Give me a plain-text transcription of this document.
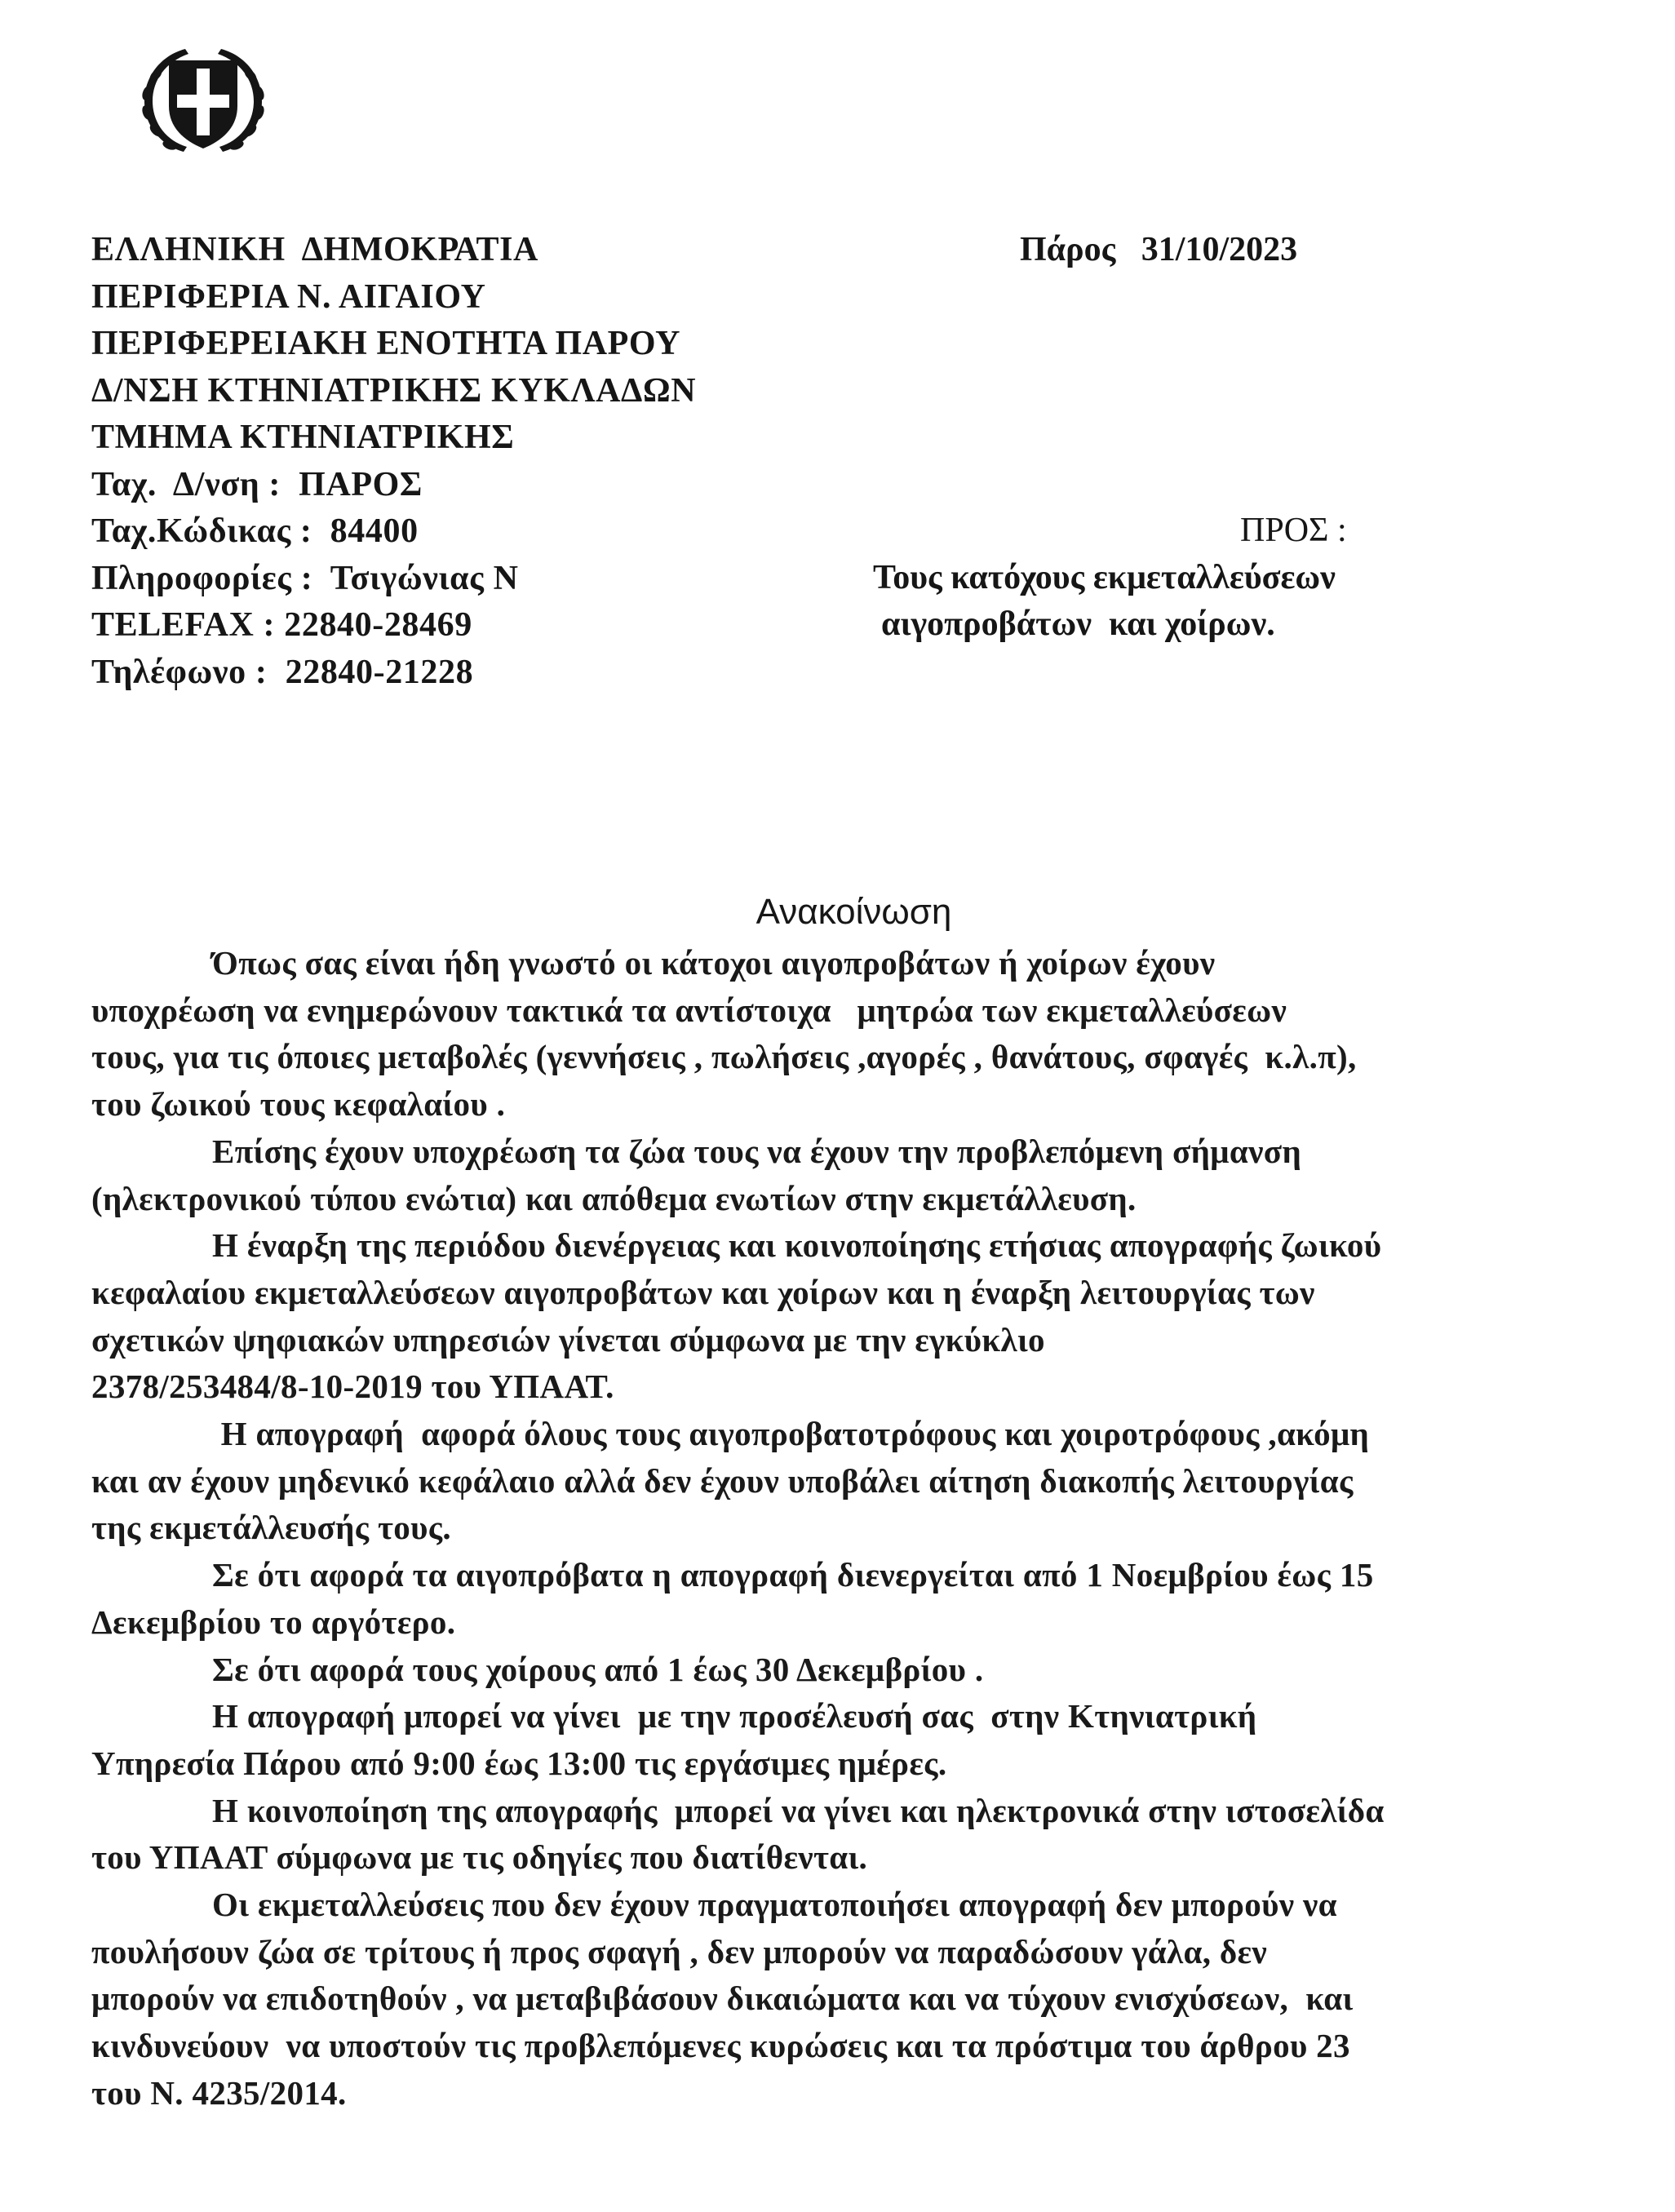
ΕΛΛΗΝΙΚΗ  ΔΗΜΟΚΡΑΤΙΑ
ΠΕΡΙΦΕΡΙΑ Ν. ΑΙΓΑΙΟΥ
ΠΕΡΙΦΕΡΕΙΑΚΗ ΕΝΟΤΗΤΑ ΠΑΡΟΥ
Δ/ΝΣΗ ΚΤΗΝΙΑΤΡΙΚΗΣ ΚΥΚΛΑΔΩΝ
ΤΜΗΜΑ ΚΤΗΝΙΑΤΡΙΚΗΣ
Ταχ.  Δ/νση :  ΠΑΡΟΣ
Ταχ.Κώδικας :  84400
Πληροφορίες :  Τσιγώνιας Ν
TELEFAX : 22840-28469
Τηλέφωνο :  22840-21228
Πάρος   31/10/2023
ΠΡΟΣ :
Τους κατόχους εκμεταλλεύσεων
αιγοπροβάτων  και χοίρων.
Ανακοίνωση
Όπως σας είναι ήδη γνωστό οι κάτοχοι αιγοπροβάτων ή χοίρων έχουν
υποχρέωση να ενημερώνουν τακτικά τα αντίστοιχα   μητρώα των εκμεταλλεύσεων
τους, για τις όποιες μεταβολές (γεννήσεις , πωλήσεις ,αγορές , θανάτους, σφαγές  κ.λ.π),
του ζωικού τους κεφαλαίου .
Επίσης έχουν υποχρέωση τα ζώα τους να έχουν την προβλεπόμενη σήμανση
(ηλεκτρονικού τύπου ενώτια) και απόθεμα ενωτίων στην εκμετάλλευση.
Η έναρξη της περιόδου διενέργειας και κοινοποίησης ετήσιας απογραφής ζωικού
κεφαλαίου εκμεταλλεύσεων αιγοπροβάτων και χοίρων και η έναρξη λειτουργίας των
σχετικών ψηφιακών υπηρεσιών γίνεται σύμφωνα με την εγκύκλιο
2378/253484/8-10-2019 του ΥΠΑΑΤ.
Η απογραφή  αφορά όλους τους αιγοπροβατοτρόφους και χοιροτρόφους ,ακόμη
και αν έχουν μηδενικό κεφάλαιο αλλά δεν έχουν υποβάλει αίτηση διακοπής λειτουργίας
της εκμετάλλευσής τους.
Σε ότι αφορά τα αιγοπρόβατα η απογραφή διενεργείται από 1 Νοεμβρίου έως 15
Δεκεμβρίου το αργότερο.
Σε ότι αφορά τους χοίρους από 1 έως 30 Δεκεμβρίου .
Η απογραφή μπορεί να γίνει  με την προσέλευσή σας  στην Κτηνιατρική
Υπηρεσία Πάρου από 9:00 έως 13:00 τις εργάσιμες ημέρες.
Η κοινοποίηση της απογραφής  μπορεί να γίνει και ηλεκτρονικά στην ιστοσελίδα
του ΥΠΑΑΤ σύμφωνα με τις οδηγίες που διατίθενται.
Οι εκμεταλλεύσεις που δεν έχουν πραγματοποιήσει απογραφή δεν μπορούν να
πουλήσουν ζώα σε τρίτους ή προς σφαγή , δεν μπορούν να παραδώσουν γάλα, δεν
μπορούν να επιδοτηθούν , να μεταβιβάσουν δικαιώματα και να τύχουν ενισχύσεων,  και
κινδυνεύουν  να υποστούν τις προβλεπόμενες κυρώσεις και τα πρόστιμα του άρθρου 23
του Ν. 4235/2014.
